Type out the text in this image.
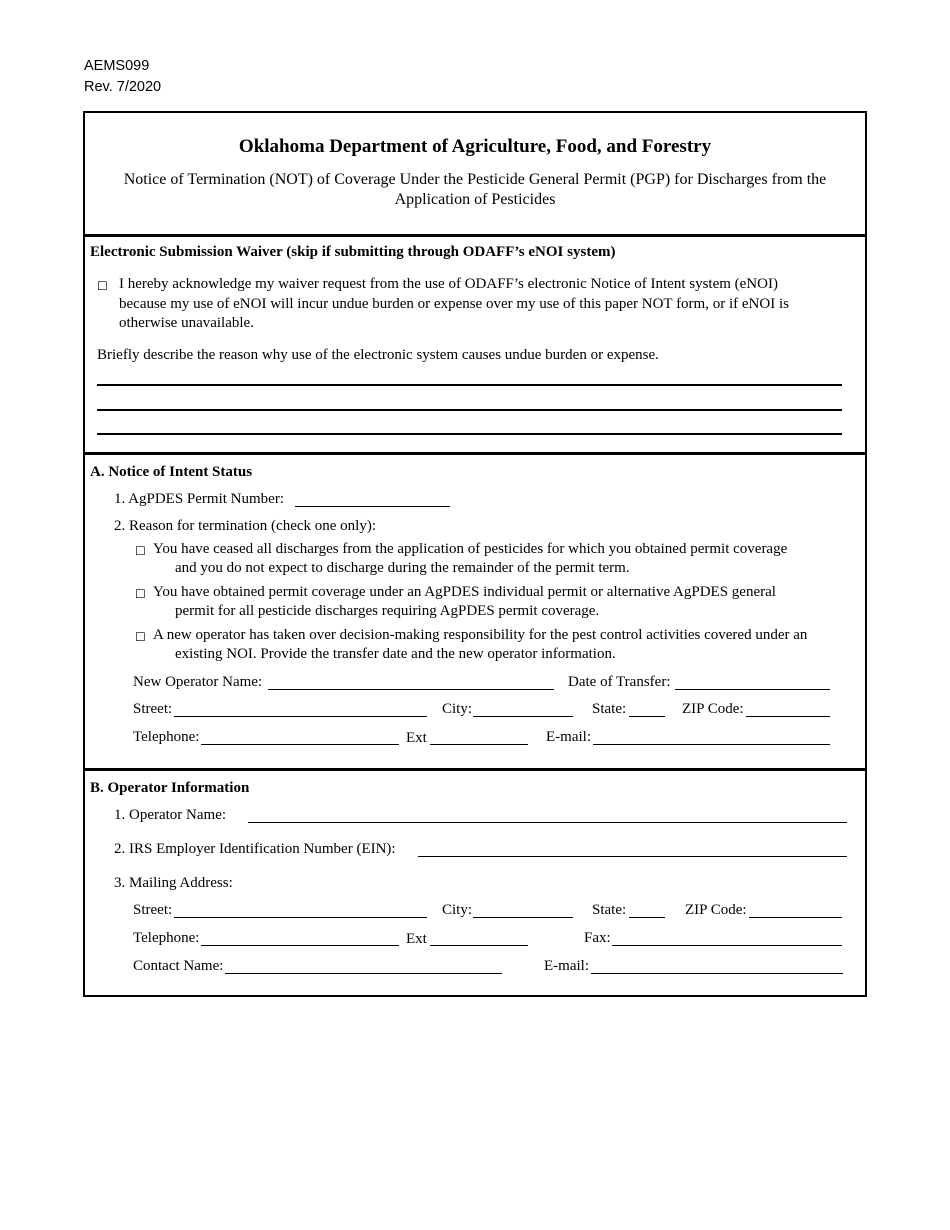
AEMS099
Rev. 7/2020
Oklahoma Department of Agriculture, Food, and Forestry
Notice of Termination (NOT) of Coverage Under the Pesticide General Permit (PGP) for Discharges from the Application of Pesticides
Electronic Submission Waiver (skip if submitting through ODAFF’s eNOI system)
☐ I hereby acknowledge my waiver request from the use of ODAFF’s electronic Notice of Intent system (eNOI)
because my use of eNOI will incur undue burden or expense over my use of this paper NOT form, or if eNOI is
otherwise unavailable.
Briefly describe the reason why use of the electronic system causes undue burden or expense.
A. Notice of Intent Status
1. AgPDES Permit Number:
2. Reason for termination (check one only):
☐ You have ceased all discharges from the application of pesticides for which you obtained permit coverage
and you do not expect to discharge during the remainder of the permit term.
☐ You have obtained permit coverage under an AgPDES individual permit or alternative AgPDES general
permit for all pesticide discharges requiring AgPDES permit coverage.
☐ A new operator has taken over decision-making responsibility for the pest control activities covered under an
existing NOI. Provide the transfer date and the new operator information.
New Operator Name:	Date of Transfer:
Street:	City:	State:	ZIP Code:
Telephone:	Ext	E-mail:
B. Operator Information
1. Operator Name:
2. IRS Employer Identification Number (EIN):
3. Mailing Address:
Street:	City:	State:	ZIP Code:
Telephone:	Ext	Fax:
Contact Name:	E-mail:
